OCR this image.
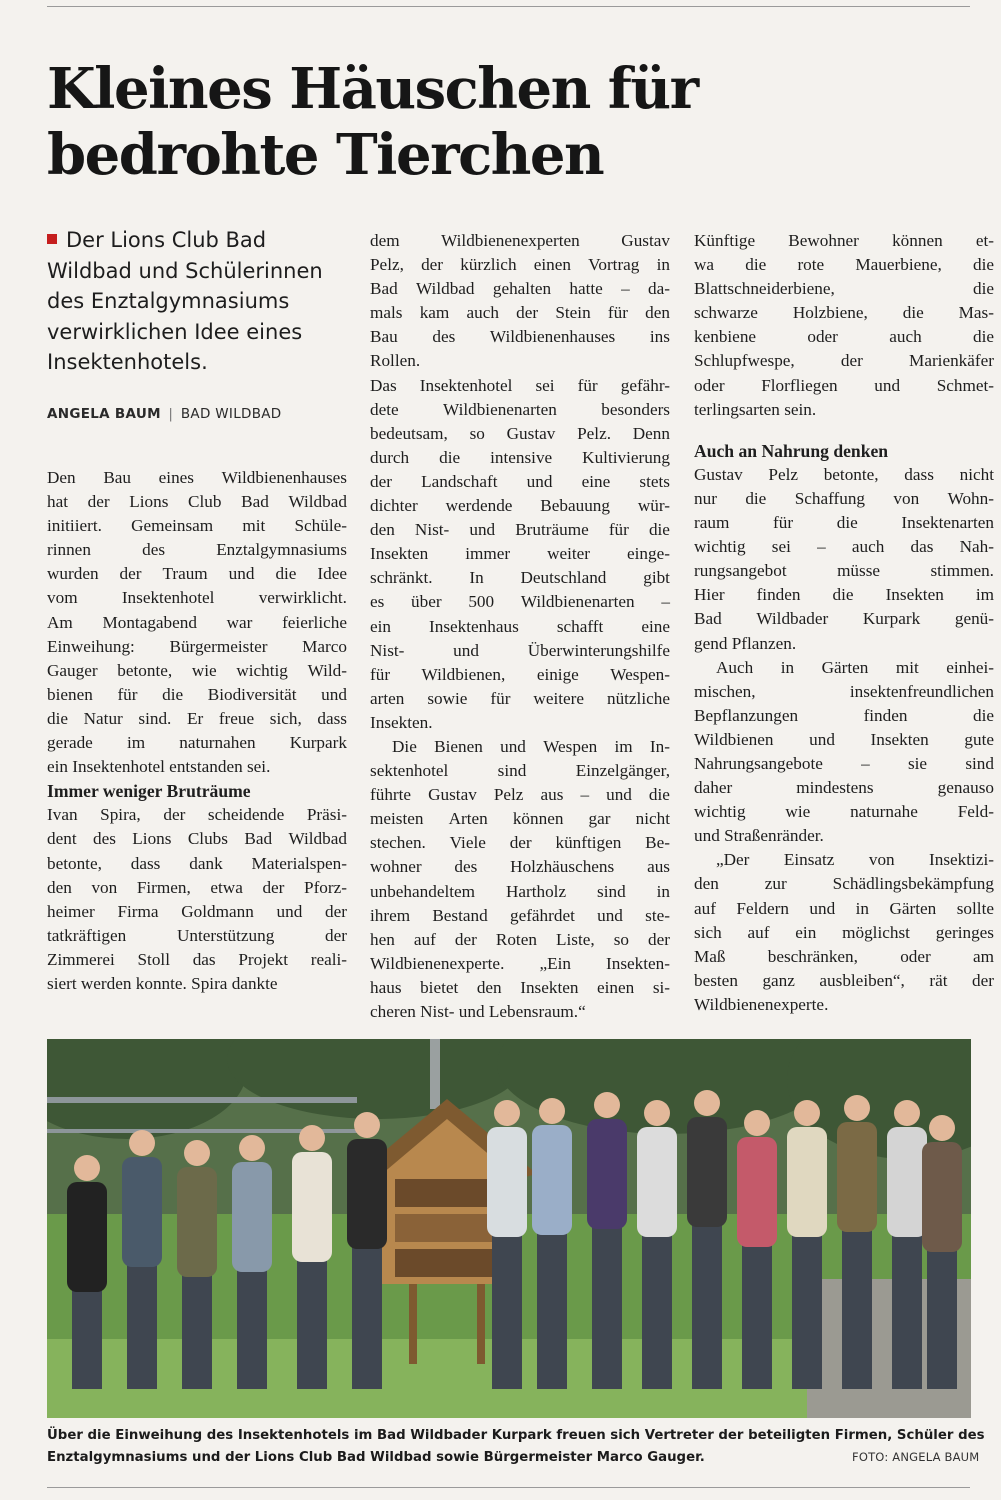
Kleines Häuschen für
bedrohte Tierchen
Der Lions Club Bad
Wildbad und Schülerinnen
des Enztalgymnasiums
verwirklichen Idee eines
Insektenhotels.
ANGELA BAUM | BAD WILDBAD

Den Bau eines Wildbienenhauses
hat der Lions Club Bad Wildbad
initiiert. Gemeinsam mit Schüle-
rinnen	des	Enztalgymnasiums
wurden der Traum und die Idee
vom	Insektenhotel	verwirklicht.
Am Montagabend war feierliche
Einweihung: Bürgermeister Marco
Gauger betonte, wie wichtig Wild-
bienen für die Biodiversität und
die Natur sind. Er freue sich, dass
gerade im naturnahen Kurpark
ein Insektenhotel entstanden sei.

Immer weniger Bruträume

Ivan Spira, der scheidende Präsi-
dent des Lions Clubs Bad Wildbad
betonte, dass dank Materialspen-
den von Firmen, etwa der Pforz-
heimer Firma Goldmann und der
tatkräftigen	Unterstützung	der
Zimmerei Stoll das Projekt reali-
siert werden konnte. Spira dankte

dem Wildbienenexperten Gustav
Pelz, der kürzlich einen Vortrag in
Bad Wildbad gehalten hatte – da-
mals kam auch der Stein für den
Bau des Wildbienenhauses ins
Rollen.

Das Insektenhotel sei für gefähr-
dete	Wildbienenarten	besonders
bedeutsam, so Gustav Pelz. Denn
durch die intensive Kultivierung
der Landschaft und eine stets
dichter werdende Bebauung wür-
den Nist- und Bruträume für die
Insekten immer weiter einge-
schränkt. In Deutschland gibt
es über 500 Wildbienenarten –
ein Insektenhaus schafft eine
Nist-	und	Überwinterungshilfe
für Wildbienen, einige Wespen-
arten sowie für weitere nützliche
Insekten.

Die Bienen und Wespen im In-
sektenhotel	sind	Einzelgänger,
führte Gustav Pelz aus – und die
meisten Arten können gar nicht
stechen. Viele der künftigen Be-
wohner des Holzhäuschens aus
unbehandeltem Hartholz sind in
ihrem Bestand gefährdet und ste-
hen auf der Roten Liste, so der
Wildbienenexperte. „Ein Insekten-
haus bietet den Insekten einen si-
cheren Nist- und Lebensraum.“

Künftige Bewohner können et-
wa die rote Mauerbiene, die
Blattschneiderbiene,	die
schwarze Holzbiene, die Mas-
kenbiene	oder	auch	die
Schlupfwespe,	der	Marienkäfer
oder Florfliegen und Schmet-
terlingsarten sein.

Auch an Nahrung denken

Gustav Pelz betonte, dass nicht
nur die Schaffung von Wohn-
raum	für	die	Insektenarten
wichtig sei – auch das Nah-
rungsangebot	müsse	stimmen.
Hier finden die Insekten im
Bad Wildbader Kurpark genü-
gend Pflanzen.

Auch in Gärten mit einhei-
mischen,	insektenfreundlichen
Bepflanzungen	finden	die
Wildbienen und Insekten gute
Nahrungsangebote – sie sind
daher	mindestens	genauso
wichtig wie naturnahe Feld-
und Straßenränder.

„Der Einsatz von Insektizi-
den	zur	Schädlingsbekämpfung
auf Feldern und in Gärten sollte
sich auf ein möglichst geringes
Maß beschränken, oder am
besten ganz ausbleiben“, rät der
Wildbienenexperte.

Über die Einweihung des Insektenhotels im Bad Wildbader Kurpark freuen sich Vertreter der beteiligten Firmen, Schüler des
Enztalgymnasiums und der Lions Club Bad Wildbad sowie Bürgermeister Marco Gauger.	FOTO: ANGELA BAUM
